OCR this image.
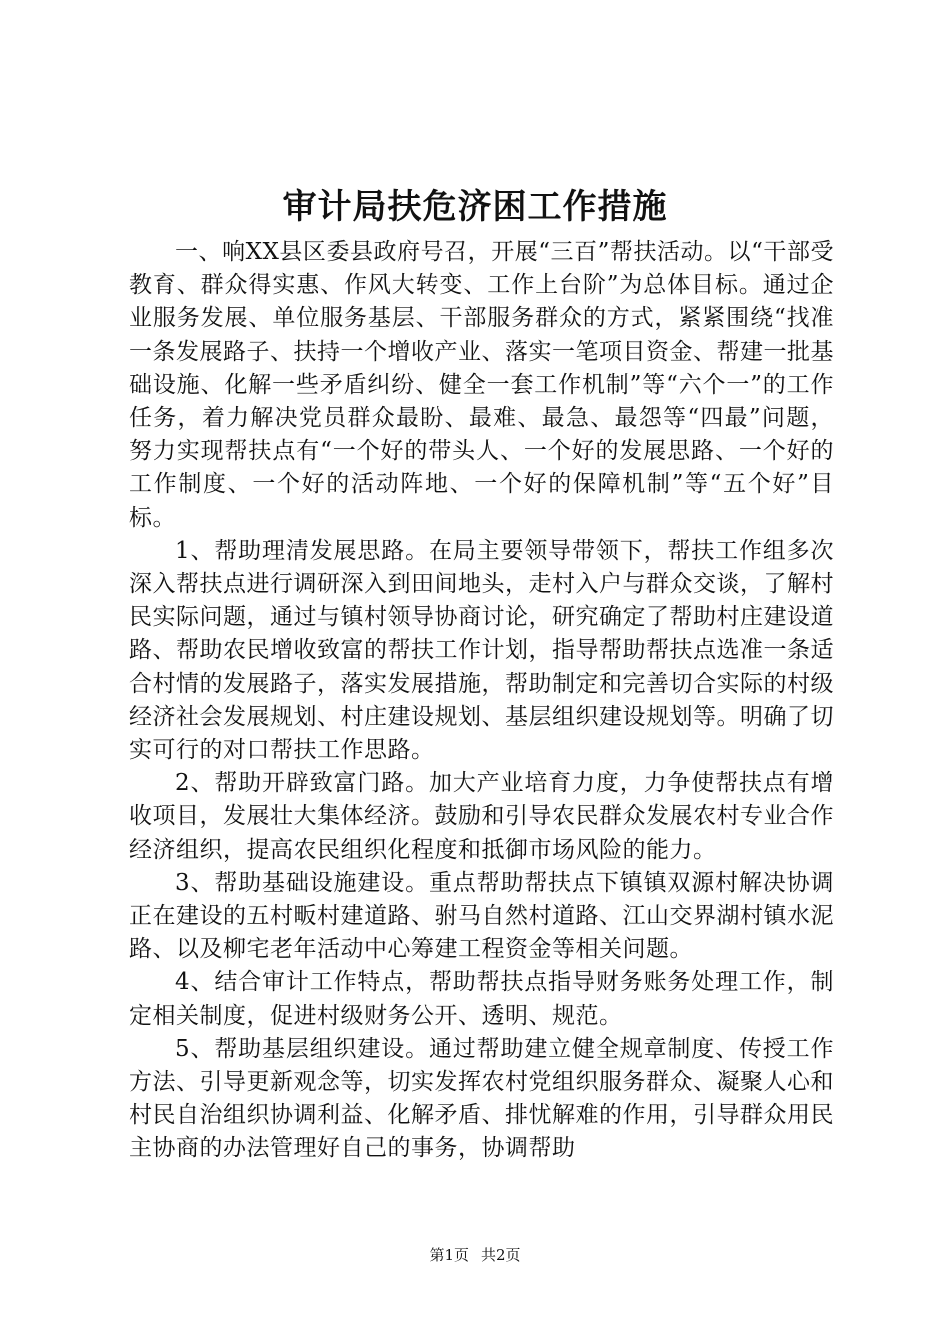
审计局扶危济困工作措施

一、响XX县区委县政府号召，开展“三百”帮扶活动。以“干部受教育、群众得实惠、作风大转变、工作上台阶”为总体目标。通过企业服务发展、单位服务基层、干部服务群众的方式，紧紧围绕“找准一条发展路子、扶持一个增收产业、落实一笔项目资金、帮建一批基础设施、化解一些矛盾纠纷、健全一套工作机制”等“六个一”的工作任务，着力解决党员群众最盼、最难、最急、最怨等“四最”问题，努力实现帮扶点有“一个好的带头人、一个好的发展思路、一个好的工作制度、一个好的活动阵地、一个好的保障机制”等“五个好”目标。

1、帮助理清发展思路。在局主要领导带领下，帮扶工作组多次深入帮扶点进行调研深入到田间地头，走村入户与群众交谈，了解村民实际问题，通过与镇村领导协商讨论，研究确定了帮助村庄建设道路、帮助农民增收致富的帮扶工作计划，指导帮助帮扶点选准一条适合村情的发展路子，落实发展措施，帮助制定和完善切合实际的村级经济社会发展规划、村庄建设规划、基层组织建设规划等。明确了切实可行的对口帮扶工作思路。

2、帮助开辟致富门路。加大产业培育力度，力争使帮扶点有增收项目，发展壮大集体经济。鼓励和引导农民群众发展农村专业合作经济组织，提高农民组织化程度和抵御市场风险的能力。

3、帮助基础设施建设。重点帮助帮扶点下镇镇双源村解决协调正在建设的五村畈村建道路、驸马自然村道路、江山交界湖村镇水泥路、以及柳宅老年活动中心筹建工程资金等相关问题。

4、结合审计工作特点，帮助帮扶点指导财务账务处理工作，制定相关制度，促进村级财务公开、透明、规范。

5、帮助基层组织建设。通过帮助建立健全规章制度、传授工作方法、引导更新观念等，切实发挥农村党组织服务群众、凝聚人心和村民自治组织协调利益、化解矛盾、排忧解难的作用，引导群众用民主协商的办法管理好自己的事务，协调帮助

第1页 共2页
